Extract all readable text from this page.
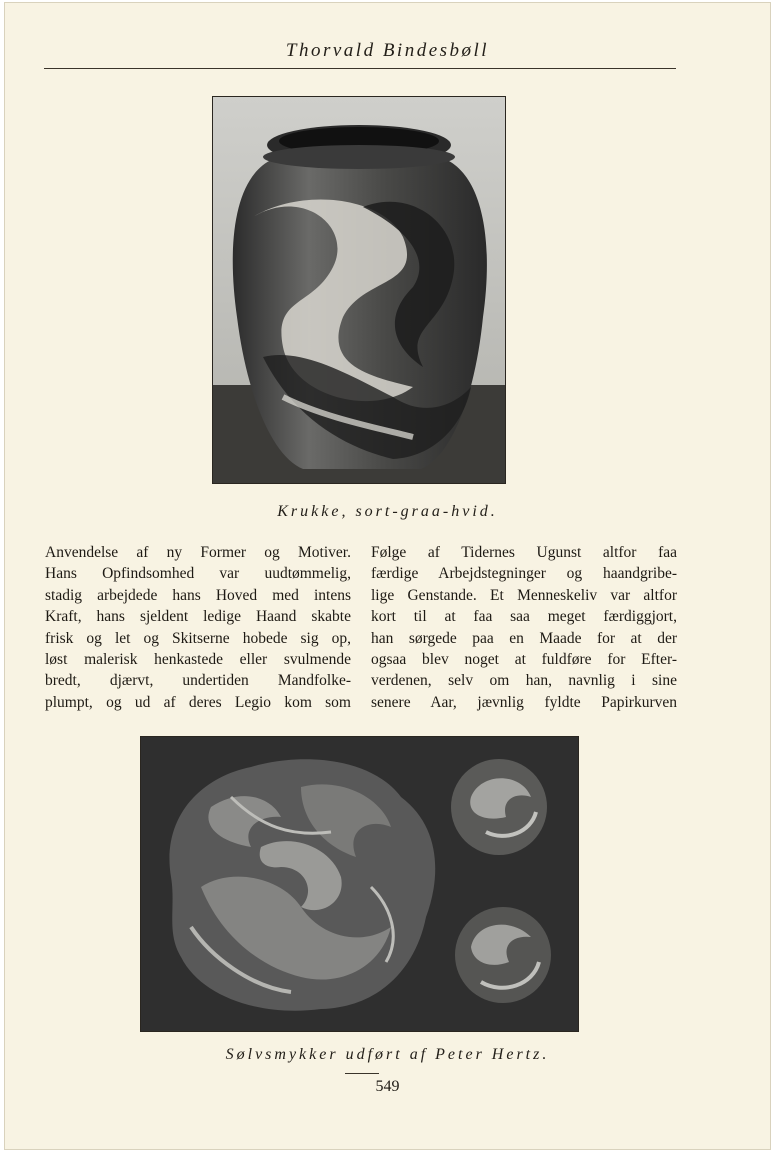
Thorvald Bindesbøll
Krukke, sort-graa-hvid.
Anvendelse af ny Former og Motiver.
Hans Opfindsomhed var uudtømmelig,
stadig arbejdede hans Hoved med intens
Kraft, hans sjeldent ledige Haand skabte
frisk og let og Skitserne hobede sig op,
løst malerisk henkastede eller svulmende
bredt, djærvt, undertiden Mandfolke-
plumpt, og ud af deres Legio kom som
Følge af Tidernes Ugunst altfor faa
færdige Arbejdstegninger og haandgribe-
lige Genstande. Et Menneskeliv var altfor
kort til at faa saa meget færdiggjort,
han sørgede paa en Maade for at der
ogsaa blev noget at fuldføre for Efter-
verdenen, selv om han, navnlig i sine
senere Aar, jævnlig fyldte Papirkurven
Sølvsmykker udført af Peter Hertz.
549
